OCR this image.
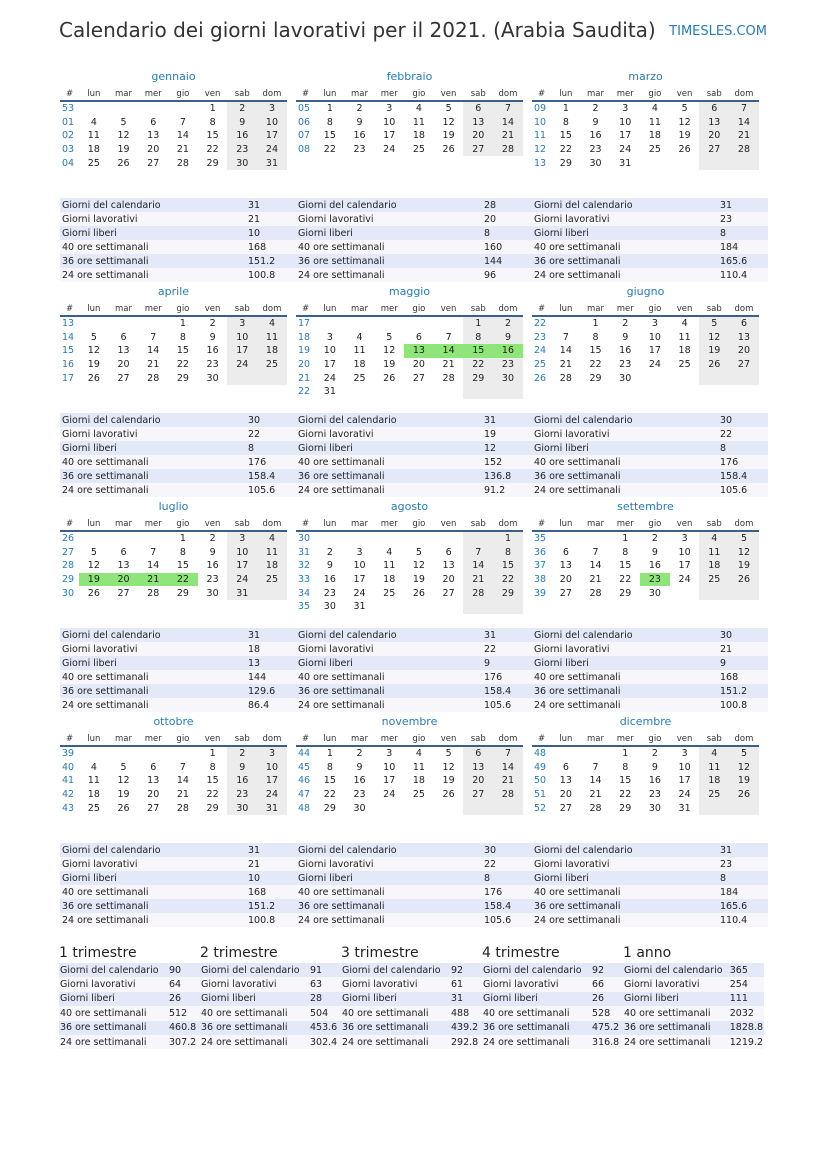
Calendario dei giorni lavorativi per il 2021. (Arabia Saudita) TIMESLES.COM
gennaio
#	lun	mar	mer	gio	ven	sab	dom
53					1	2	3
01	4	5	6	7	8	9	10
02	11	12	13	14	15	16	17
03	18	19	20	21	22	23	24
04	25	26	27	28	29	30	31
Giorni del calendario	31
Giorni lavorativi	21
Giorni liberi	10
40 ore settimanali	168
36 ore settimanali	151.2
24 ore settimanali	100.8
febbraio
#	lun	mar	mer	gio	ven	sab	dom
05	1	2	3	4	5	6	7
06	8	9	10	11	12	13	14
07	15	16	17	18	19	20	21
08	22	23	24	25	26	27	28
Giorni del calendario	28
Giorni lavorativi	20
Giorni liberi	8
40 ore settimanali	160
36 ore settimanali	144
24 ore settimanali	96
marzo
#	lun	mar	mer	gio	ven	sab	dom
09	1	2	3	4	5	6	7
10	8	9	10	11	12	13	14
11	15	16	17	18	19	20	21
12	22	23	24	25	26	27	28
13	29	30	31				
Giorni del calendario	31
Giorni lavorativi	23
Giorni liberi	8
40 ore settimanali	184
36 ore settimanali	165.6
24 ore settimanali	110.4
aprile
#	lun	mar	mer	gio	ven	sab	dom
13				1	2	3	4
14	5	6	7	8	9	10	11
15	12	13	14	15	16	17	18
16	19	20	21	22	23	24	25
17	26	27	28	29	30		
Giorni del calendario	30
Giorni lavorativi	22
Giorni liberi	8
40 ore settimanali	176
36 ore settimanali	158.4
24 ore settimanali	105.6
maggio
#	lun	mar	mer	gio	ven	sab	dom
17						1	2
18	3	4	5	6	7	8	9
19	10	11	12	13	14	15	16
20	17	18	19	20	21	22	23
21	24	25	26	27	28	29	30
22	31						
Giorni del calendario	31
Giorni lavorativi	19
Giorni liberi	12
40 ore settimanali	152
36 ore settimanali	136.8
24 ore settimanali	91.2
giugno
#	lun	mar	mer	gio	ven	sab	dom
22		1	2	3	4	5	6
23	7	8	9	10	11	12	13
24	14	15	16	17	18	19	20
25	21	22	23	24	25	26	27
26	28	29	30				
Giorni del calendario	30
Giorni lavorativi	22
Giorni liberi	8
40 ore settimanali	176
36 ore settimanali	158.4
24 ore settimanali	105.6
luglio
#	lun	mar	mer	gio	ven	sab	dom
26				1	2	3	4
27	5	6	7	8	9	10	11
28	12	13	14	15	16	17	18
29	19	20	21	22	23	24	25
30	26	27	28	29	30	31	
Giorni del calendario	31
Giorni lavorativi	18
Giorni liberi	13
40 ore settimanali	144
36 ore settimanali	129.6
24 ore settimanali	86.4
agosto
#	lun	mar	mer	gio	ven	sab	dom
30							1
31	2	3	4	5	6	7	8
32	9	10	11	12	13	14	15
33	16	17	18	19	20	21	22
34	23	24	25	26	27	28	29
35	30	31					
Giorni del calendario	31
Giorni lavorativi	22
Giorni liberi	9
40 ore settimanali	176
36 ore settimanali	158.4
24 ore settimanali	105.6
settembre
#	lun	mar	mer	gio	ven	sab	dom
35			1	2	3	4	5
36	6	7	8	9	10	11	12
37	13	14	15	16	17	18	19
38	20	21	22	23	24	25	26
39	27	28	29	30			
Giorni del calendario	30
Giorni lavorativi	21
Giorni liberi	9
40 ore settimanali	168
36 ore settimanali	151.2
24 ore settimanali	100.8
ottobre
#	lun	mar	mer	gio	ven	sab	dom
39					1	2	3
40	4	5	6	7	8	9	10
41	11	12	13	14	15	16	17
42	18	19	20	21	22	23	24
43	25	26	27	28	29	30	31
Giorni del calendario	31
Giorni lavorativi	21
Giorni liberi	10
40 ore settimanali	168
36 ore settimanali	151.2
24 ore settimanali	100.8
novembre
#	lun	mar	mer	gio	ven	sab	dom
44	1	2	3	4	5	6	7
45	8	9	10	11	12	13	14
46	15	16	17	18	19	20	21
47	22	23	24	25	26	27	28
48	29	30					
Giorni del calendario	30
Giorni lavorativi	22
Giorni liberi	8
40 ore settimanali	176
36 ore settimanali	158.4
24 ore settimanali	105.6
dicembre
#	lun	mar	mer	gio	ven	sab	dom
48			1	2	3	4	5
49	6	7	8	9	10	11	12
50	13	14	15	16	17	18	19
51	20	21	22	23	24	25	26
52	27	28	29	30	31		
Giorni del calendario	31
Giorni lavorativi	23
Giorni liberi	8
40 ore settimanali	184
36 ore settimanali	165.6
24 ore settimanali	110.4
1 trimestre
Giorni del calendario	90
Giorni lavorativi	64
Giorni liberi	26
40 ore settimanali	512
36 ore settimanali	460.8
24 ore settimanali	307.2
2 trimestre
Giorni del calendario	91
Giorni lavorativi	63
Giorni liberi	28
40 ore settimanali	504
36 ore settimanali	453.6
24 ore settimanali	302.4
3 trimestre
Giorni del calendario	92
Giorni lavorativi	61
Giorni liberi	31
40 ore settimanali	488
36 ore settimanali	439.2
24 ore settimanali	292.8
4 trimestre
Giorni del calendario	92
Giorni lavorativi	66
Giorni liberi	26
40 ore settimanali	528
36 ore settimanali	475.2
24 ore settimanali	316.8
1 anno
Giorni del calendario	365
Giorni lavorativi	254
Giorni liberi	111
40 ore settimanali	2032
36 ore settimanali	1828.8
24 ore settimanali	1219.2
